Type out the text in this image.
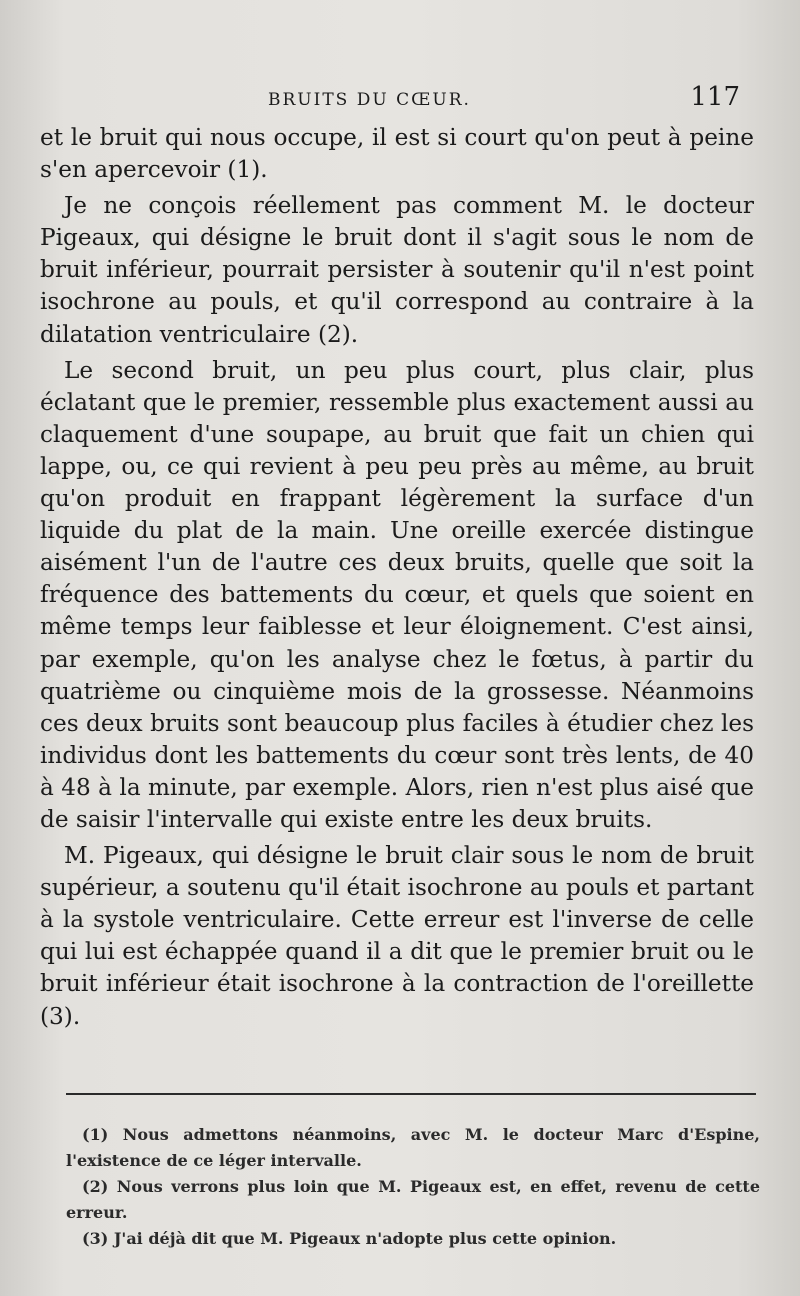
BRUITS DU CŒUR.	117

et le bruit qui nous occupe, il est si court qu'on peut à peine s'en apercevoir (1).

Je ne conçois réellement pas comment M. le docteur Pigeaux, qui désigne le bruit dont il s'agit sous le nom de bruit inférieur, pourrait persister à soutenir qu'il n'est point isochrone au pouls, et qu'il correspond au contraire à la dilatation ventriculaire (2).

Le second bruit, un peu plus court, plus clair, plus éclatant que le premier, ressemble plus exactement aussi au claquement d'une soupape, au bruit que fait un chien qui lappe, ou, ce qui revient à peu peu près au même, au bruit qu'on produit en frappant légèrement la surface d'un liquide du plat de la main. Une oreille exercée distingue aisément l'un de l'autre ces deux bruits, quelle que soit la fréquence des battements du cœur, et quels que soient en même temps leur faiblesse et leur éloignement. C'est ainsi, par exemple, qu'on les analyse chez le fœtus, à partir du quatrième ou cinquième mois de la grossesse. Néanmoins ces deux bruits sont beaucoup plus faciles à étudier chez les individus dont les battements du cœur sont très lents, de 40 à 48 à la minute, par exemple. Alors, rien n'est plus aisé que de saisir l'intervalle qui existe entre les deux bruits.

M. Pigeaux, qui désigne le bruit clair sous le nom de bruit supérieur, a soutenu qu'il était isochrone au pouls et partant à la systole ventriculaire. Cette erreur est l'inverse de celle qui lui est échappée quand il a dit que le premier bruit ou le bruit inférieur était isochrone à la contraction de l'oreillette (3).

(1) Nous admettons néanmoins, avec M. le docteur Marc d'Espine, l'existence de ce léger intervalle.

(2) Nous verrons plus loin que M. Pigeaux est, en effet, revenu de cette erreur.

(3) J'ai déjà dit que M. Pigeaux n'adopte plus cette opinion.
